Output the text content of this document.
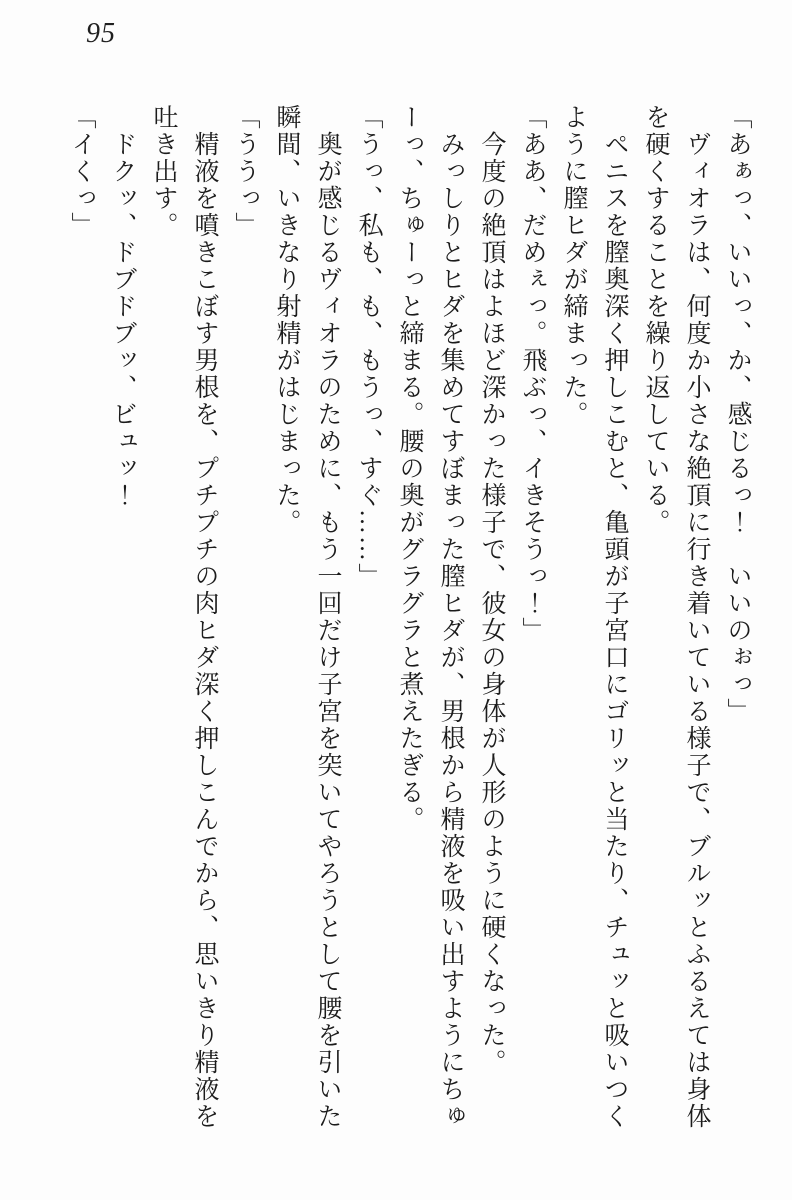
95
「あぁっ、いいっ、か、感じるっ！　いいのぉっ」
ヴィオラは、何度か小さな絶頂に行き着いている様子で、ブルッとふるえては身体
を硬くすることを繰り返している。
ペニスを膣奥深く押しこむと、亀頭が子宮口にゴリッと当たり、チュッと吸いつく
ように膣ヒダが締まった。
「ああ、だめぇっ。飛ぶっ、イきそうっ！」
今度の絶頂はよほど深かった様子で、彼女の身体が人形のように硬くなった。
みっしりとヒダを集めてすぼまった膣ヒダが、男根から精液を吸い出すようにちゅ
ーっ、ちゅーっと締まる。腰の奥がグラグラと煮えたぎる。
「うっ、私も、も、もうっ、すぐ……」
奥が感じるヴィオラのために、もう一回だけ子宮を突いてやろうとして腰を引いた
瞬間、いきなり射精がはじまった。
「ううっ」
精液を噴きこぼす男根を、プチプチの肉ヒダ深く押しこんでから、思いきり精液を
吐き出す。
ドクッ、ドブドブッ、ビュッ！
「イくっ」
